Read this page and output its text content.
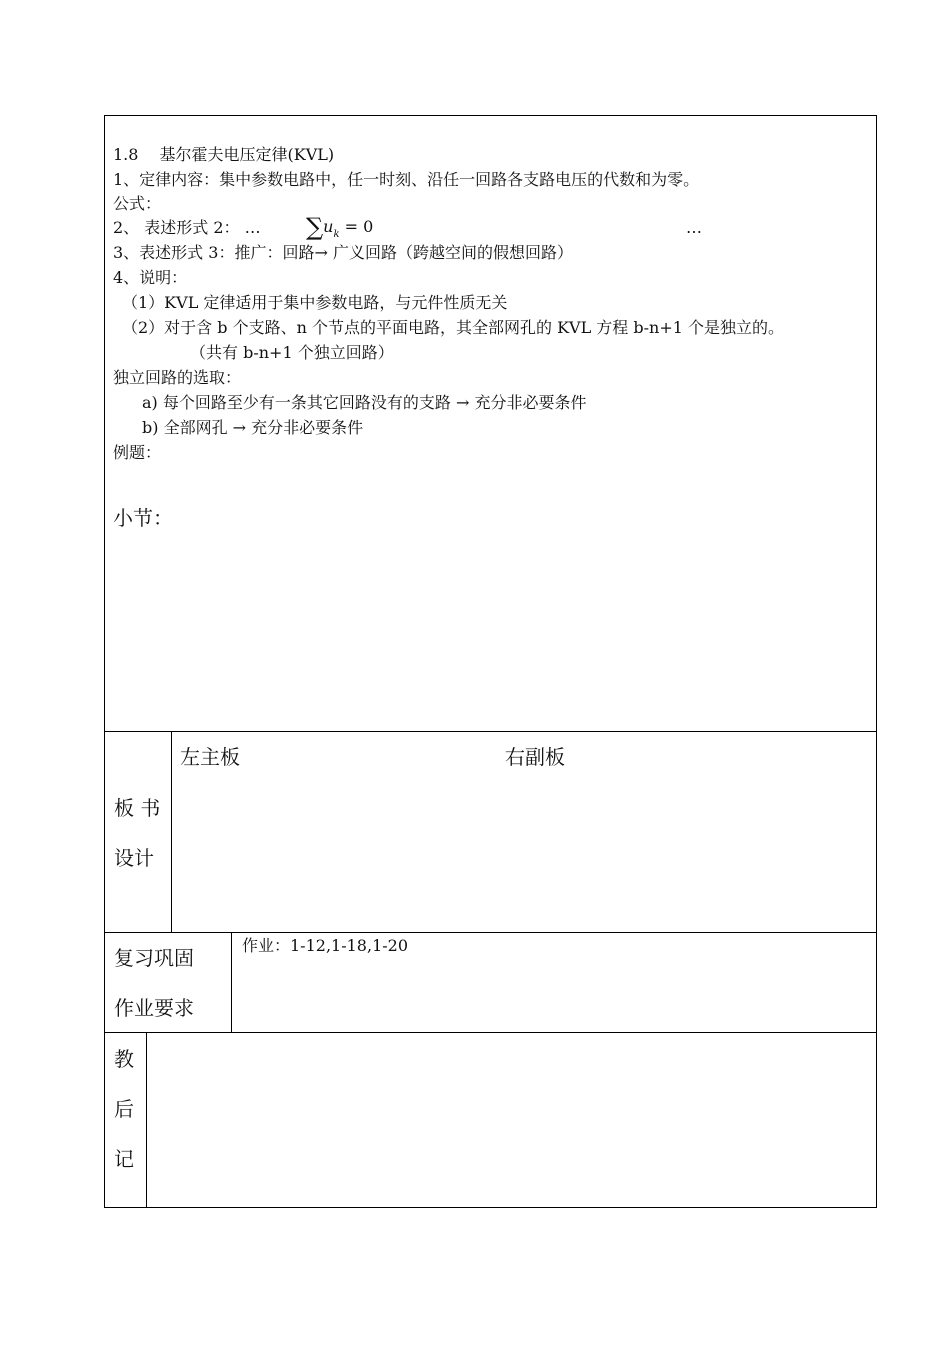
1.8　 基尔霍夫电压定律(KVL)
1、定律内容：集中参数电路中，任一时刻、沿任一回路各支路电压的代数和为零。
公式：
2、 表述形式 2： … $\sum u_k = 0$	…
3、表述形式 3：推广：回路→ 广义回路（跨越空间的假想回路）
4、说明：
（1）KVL 定律适用于集中参数电路，与元件性质无关
（2）对于含 b 个支路、n 个节点的平面电路，其全部网孔的 KVL 方程 b-n+1 个是独立的。
（共有 b-n+1 个独立回路）
独立回路的选取：
a) 每个回路至少有一条其它回路没有的支路 → 充分非必要条件
b) 全部网孔 → 充分非必要条件
例题：
小节：
板 书
设计
左主板	右副板
复习巩固
作业要求
作业：1-12,1-18,1-20
教
后
记
